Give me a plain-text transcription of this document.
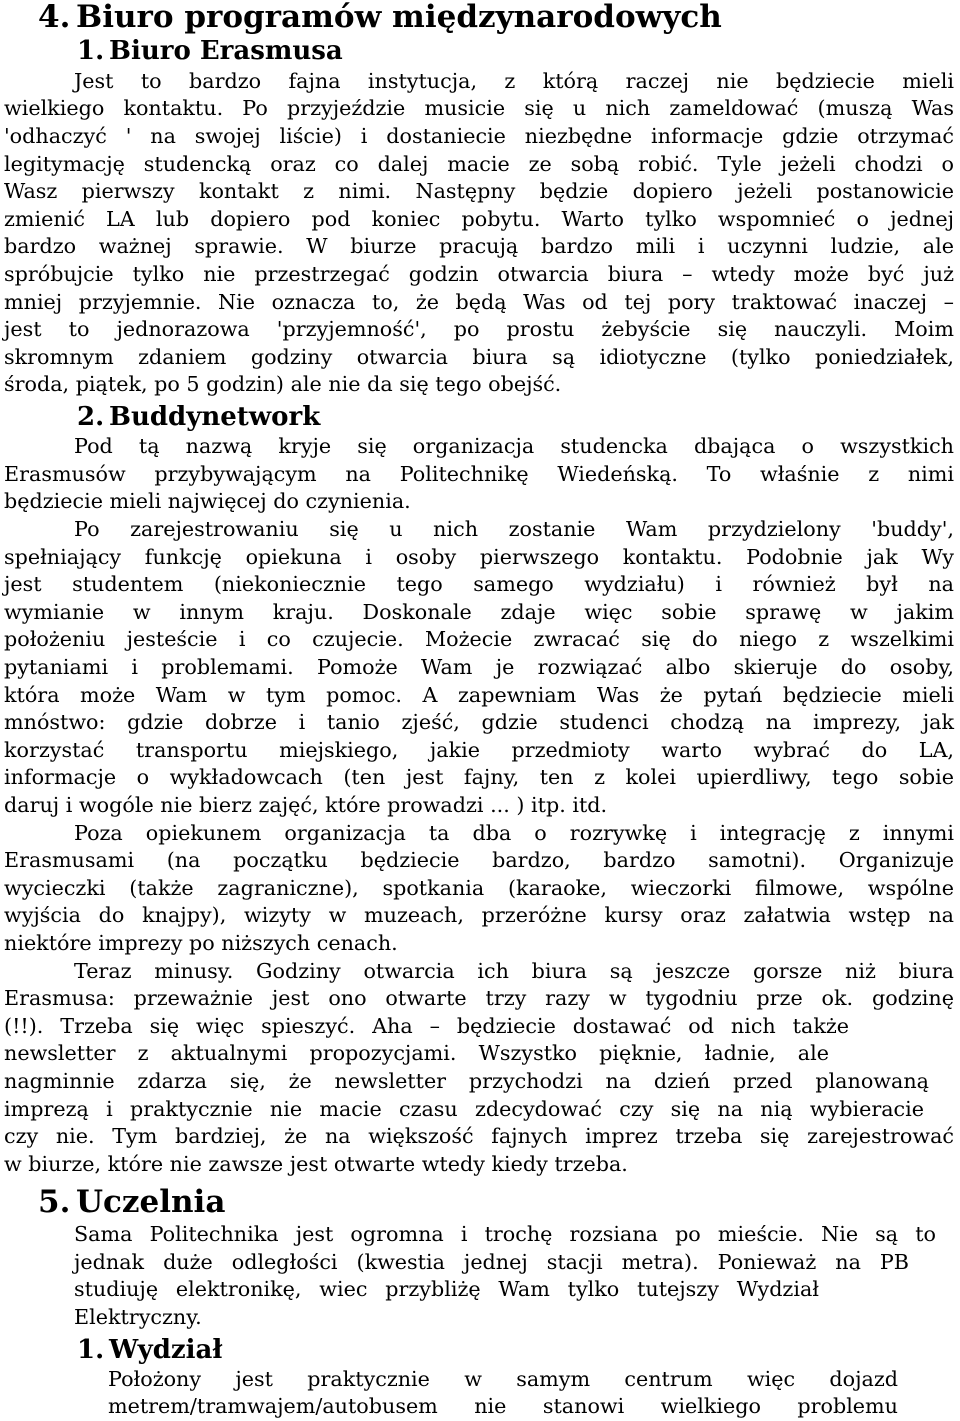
4. Biuro programów międzynarodowych
1. Biuro Erasmusa

Jest to bardzo fajna instytucja, z którą raczej nie będziecie mieli

wielkiego kontaktu. Po przyjeździe musicie się u nich zameldować (muszą Was

'odhaczyć ' na swojej liście) i dostaniecie niezbędne informacje gdzie otrzymać

legitymację studencką oraz co dalej macie ze sobą robić. Tyle jeżeli chodzi o

Wasz pierwszy kontakt z nimi. Następny będzie dopiero jeżeli postanowicie

zmienić LA lub dopiero pod koniec pobytu. Warto tylko wspomnieć o jednej

bardzo ważnej sprawie. W biurze pracują bardzo mili i uczynni ludzie, ale

spróbujcie tylko nie przestrzegać godzin otwarcia biura – wtedy może być już

mniej przyjemnie. Nie oznacza to, że będą Was od tej pory traktować inaczej –

jest to jednorazowa 'przyjemność', po prostu żebyście się nauczyli. Moim

skromnym zdaniem godziny otwarcia biura są idiotyczne (tylko poniedziałek,

środa, piątek, po 5 godzin) ale nie da się tego obejść.

2. Buddynetwork

Pod tą nazwą kryje się organizacja studencka dbająca o wszystkich

Erasmusów przybywającym na Politechnikę Wiedeńską. To właśnie z nimi

będziecie mieli najwięcej do czynienia.

Po zarejestrowaniu się u nich zostanie Wam przydzielony 'buddy',

spełniający funkcję opiekuna i osoby pierwszego kontaktu. Podobnie jak Wy

jest studentem (niekoniecznie tego samego wydziału) i również był na

wymianie w innym kraju. Doskonale zdaje więc sobie sprawę w jakim

położeniu jesteście i co czujecie. Możecie zwracać się do niego z wszelkimi

pytaniami i problemami. Pomoże Wam je rozwiązać albo skieruje do osoby,

która może Wam w tym pomoc. A zapewniam Was że pytań będziecie mieli

mnóstwo: gdzie dobrze i tanio zjeść, gdzie studenci chodzą na imprezy, jak

korzystać transportu miejskiego, jakie przedmioty warto wybrać do LA,

informacje o wykładowcach (ten jest fajny, ten z kolei upierdliwy, tego sobie

daruj i wogóle nie bierz zajęć, które prowadzi ... ) itp. itd.

Poza opiekunem organizacja ta dba o rozrywkę i integrację z innymi

Erasmusami (na początku będziecie bardzo, bardzo samotni). Organizuje

wycieczki (także zagraniczne), spotkania (karaoke, wieczorki filmowe, wspólne

wyjścia do knajpy), wizyty w muzeach, przeróżne kursy oraz załatwia wstęp na

niektóre imprezy po niższych cenach.

Teraz minusy. Godziny otwarcia ich biura są jeszcze gorsze niż biura

Erasmusa: przeważnie jest ono otwarte trzy razy w tygodniu prze ok. godzinę

(!!). Trzeba się więc spieszyć. Aha – będziecie dostawać od nich także

newsletter z aktualnymi propozycjami. Wszystko pięknie, ładnie, ale

nagminnie zdarza się, że newsletter przychodzi na dzień przed planowaną

imprezą i praktycznie nie macie czasu zdecydować czy się na nią wybieracie

czy nie. Tym bardziej, że na większość fajnych imprez trzeba się zarejestrować

w biurze, które nie zawsze jest otwarte wtedy kiedy trzeba.

5. Uczelnia

Sama Politechnika jest ogromna i trochę rozsiana po mieście. Nie są to

jednak duże odległości (kwestia jednej stacji metra). Ponieważ na PB

studiuję elektronikę, wiec przybliżę Wam tylko tutejszy Wydział

Elektryczny.

1. Wydział

Położony jest praktycznie w samym centrum więc dojazd

metrem/tramwajem/autobusem nie stanowi wielkiego problemu
